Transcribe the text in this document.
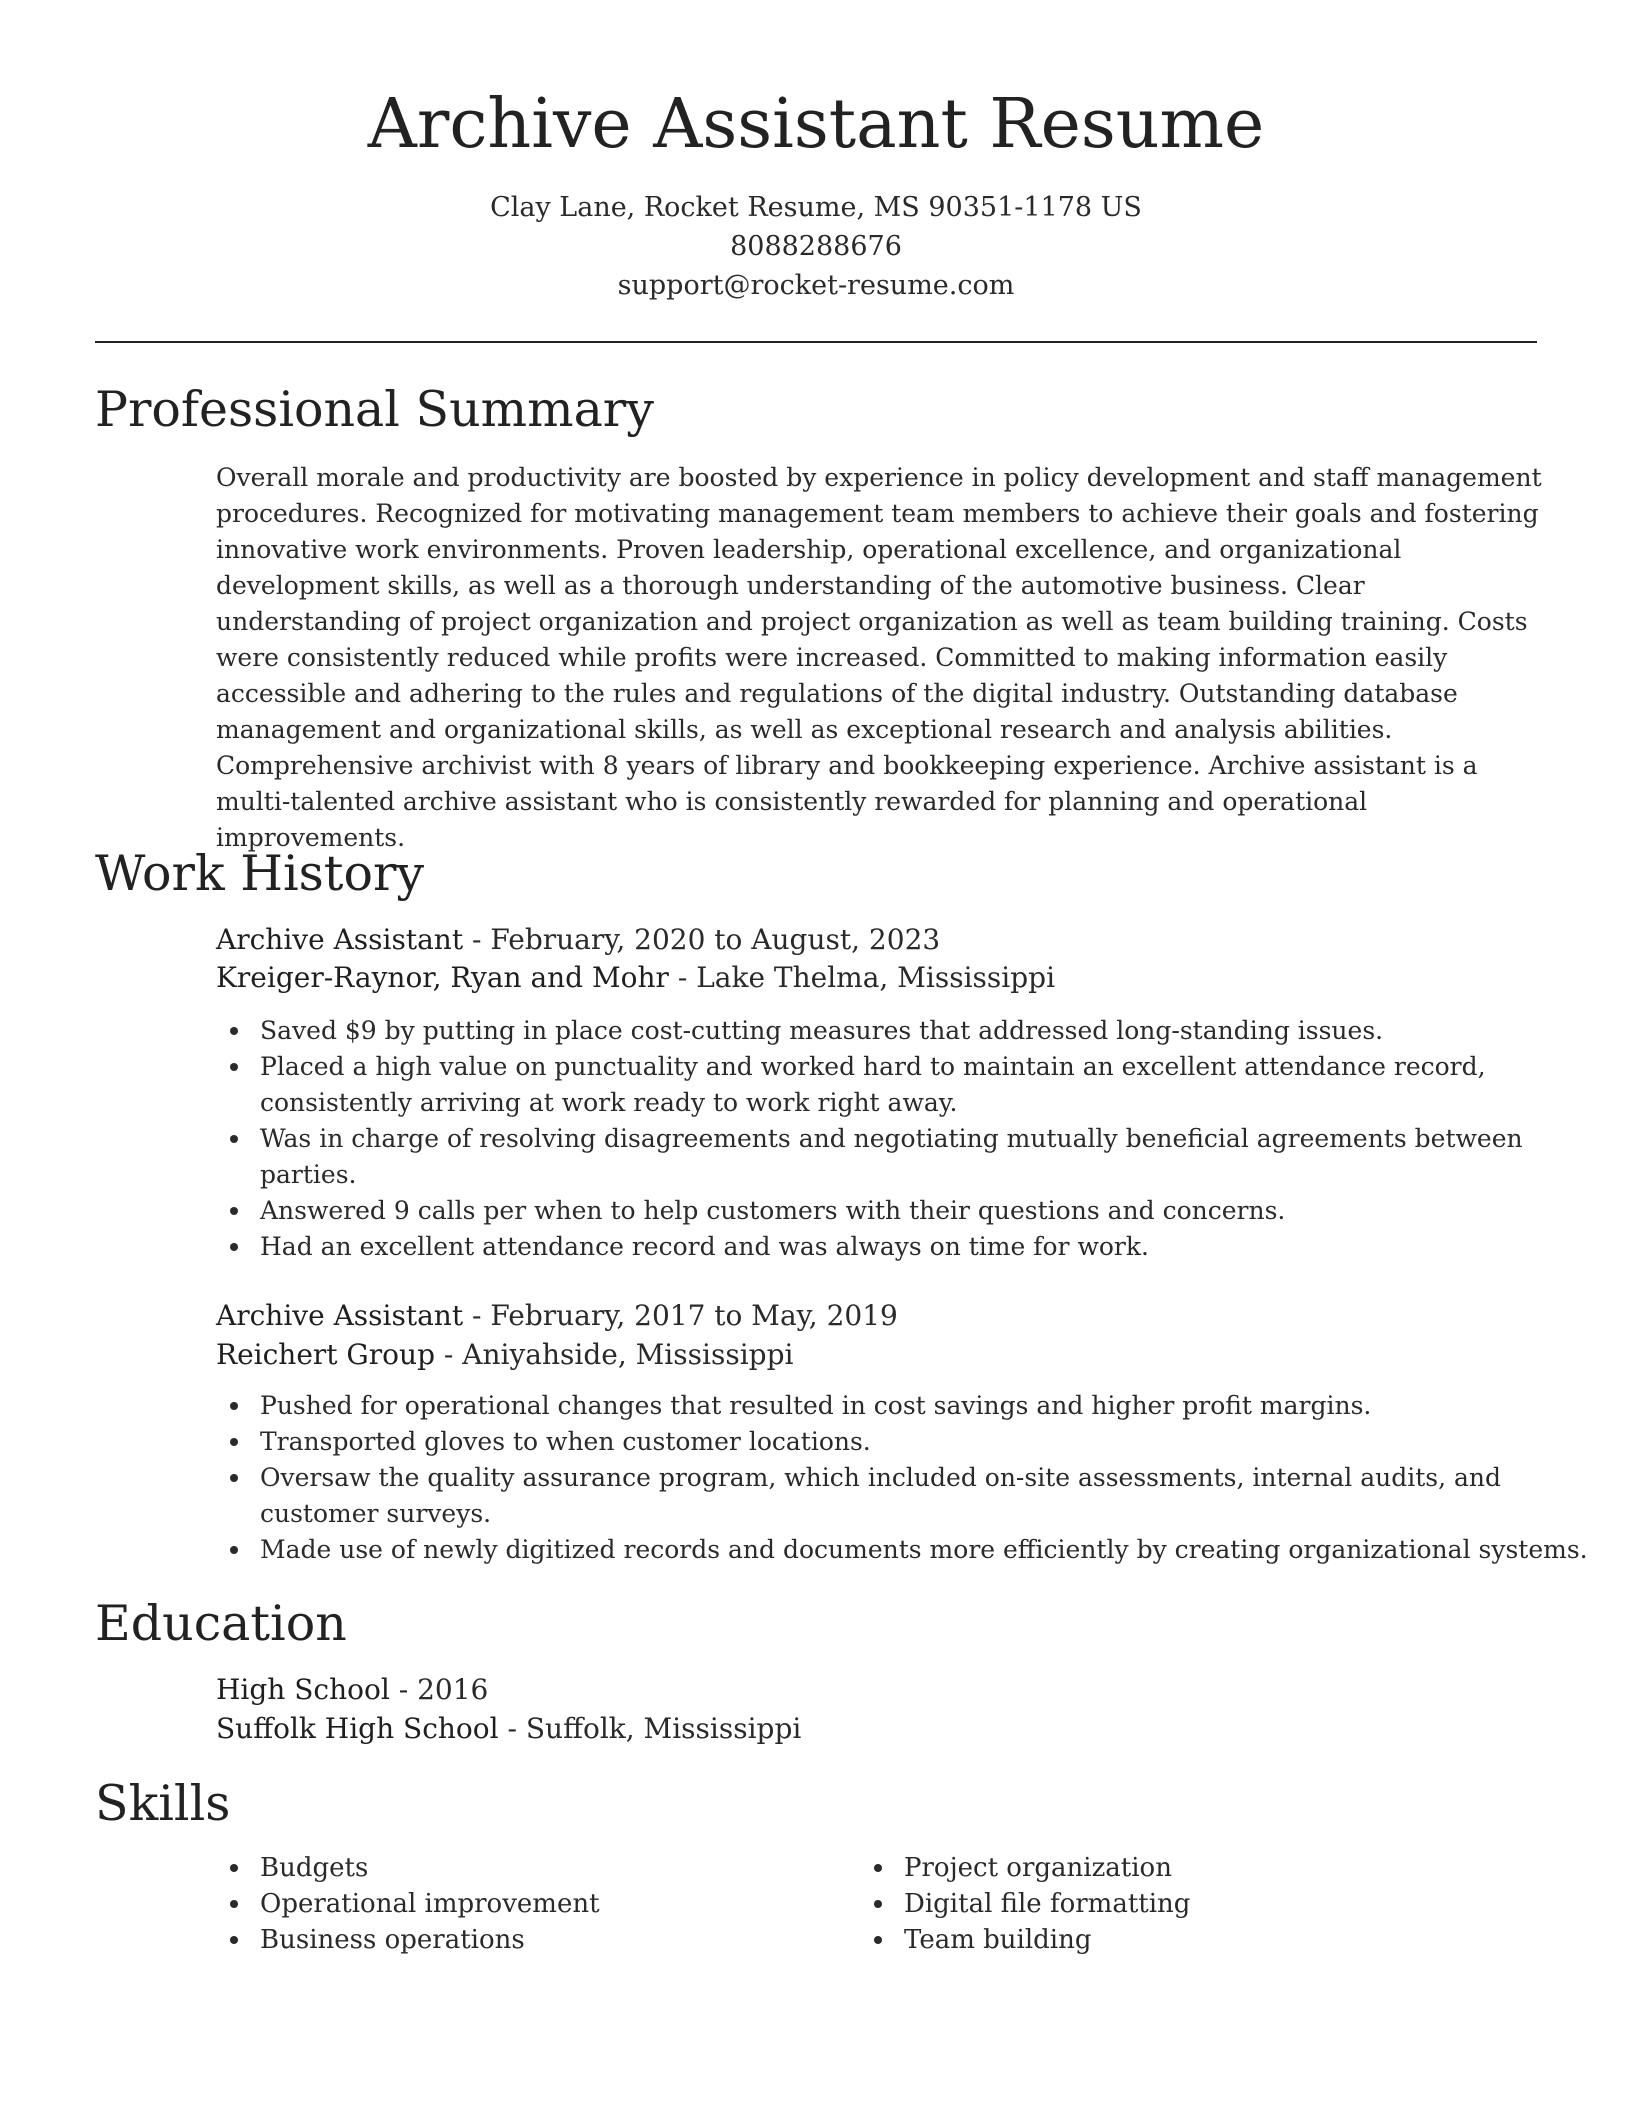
Archive Assistant Resume
Clay Lane, Rocket Resume, MS 90351-1178 US
8088288676
support@rocket-resume.com
Professional Summary

Overall morale and productivity are boosted by experience in policy development and staff management procedures. Recognized for motivating management team members to achieve their goals and fostering innovative work environments. Proven leadership, operational excellence, and organizational development skills, as well as a thorough understanding of the automotive business. Clear understanding of project organization and project organization as well as team building training. Costs were consistently reduced while profits were increased. Committed to making information easily accessible and adhering to the rules and regulations of the digital industry. Outstanding database management and organizational skills, as well as exceptional research and analysis abilities. Comprehensive archivist with 8 years of library and bookkeeping experience. Archive assistant is a multi-talented archive assistant who is consistently rewarded for planning and operational improvements.

Work History
Archive Assistant - February, 2020 to August, 2023
Kreiger-Raynor, Ryan and Mohr - Lake Thelma, Mississippi
Saved $9 by putting in place cost-cutting measures that addressed long-standing issues.
Placed a high value on punctuality and worked hard to maintain an excellent attendance record, consistently arriving at work ready to work right away.
Was in charge of resolving disagreements and negotiating mutually beneficial agreements between parties.
Answered 9 calls per when to help customers with their questions and concerns.
Had an excellent attendance record and was always on time for work.
Archive Assistant - February, 2017 to May, 2019
Reichert Group - Aniyahside, Mississippi
Pushed for operational changes that resulted in cost savings and higher profit margins.
Transported gloves to when customer locations.
Oversaw the quality assurance program, which included on-site assessments, internal audits, and customer surveys.
Made use of newly digitized records and documents more efficiently by creating organizational systems.
Education
High School - 2016
Suffolk High School - Suffolk, Mississippi
Skills
Budgets
Operational improvement
Business operations
Project organization
Digital file formatting
Team building
